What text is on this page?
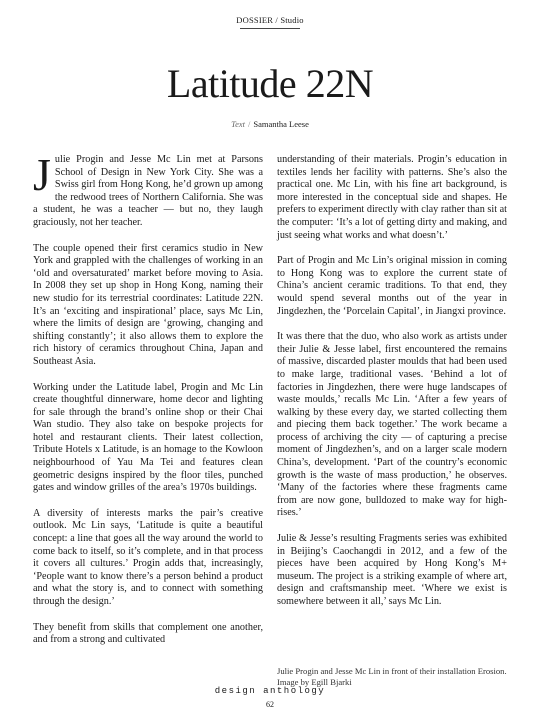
DOSSIER / Studio
Latitude 22N
Text / Samantha Leese

Julie Progin and Jesse Mc Lin met at Parsons School of Design in New York City. She was a Swiss girl from Hong Kong, he’d grown up among the redwood trees of Northern California. She was a student, he was a teacher — but no, they laugh graciously, not her teacher.

The couple opened their first ceramics studio in New York and grappled with the challenges of working in an ‘old and oversaturated’ market before moving to Asia. In 2008 they set up shop in Hong Kong, naming their new studio for its terrestrial coordinates: Latitude 22N. It’s an ‘exciting and inspirational’ place, says Mc Lin, where the limits of design are ‘growing, changing and shifting constantly’; it also allows them to explore the rich history of ceramics throughout China, Japan and Southeast Asia.

Working under the Latitude label, Progin and Mc Lin create thoughtful dinnerware, home decor and lighting for sale through the brand’s online shop or their Chai Wan studio. They also take on bespoke projects for hotel and restaurant clients. Their latest collection, Tribute Hotels x Latitude, is an homage to the Kowloon neighbourhood of Yau Ma Tei and features clean geometric designs inspired by the floor tiles, punched gates and window grilles of the area’s 1970s buildings.

A diversity of interests marks the pair’s creative outlook. Mc Lin says, ‘Latitude is quite a beautiful concept: a line that goes all the way around the world to come back to itself, so it’s complete, and in that process it covers all cultures.’ Progin adds that, increasingly, ‘People want to know there’s a person behind a product and what the story is, and to connect with something through the design.’

They benefit from skills that complement one another, and from a strong and cultivated

understanding of their materials. Progin’s education in textiles lends her facility with patterns. She’s also the practical one. Mc Lin, with his fine art background, is more interested in the conceptual side and shapes. He prefers to experiment directly with clay rather than sit at the computer: ‘It’s a lot of getting dirty and making, and just seeing what works and what doesn’t.’

Part of Progin and Mc Lin’s original mission in coming to Hong Kong was to explore the current state of China’s ancient ceramic traditions. To that end, they would spend several months out of the year in Jingdezhen, the ‘Porcelain Capital’, in Jiangxi province.

It was there that the duo, who also work as artists under their Julie & Jesse label, first encountered the remains of massive, discarded plaster moulds that had been used to make large, traditional vases. ‘Behind a lot of factories in Jingdezhen, there were huge landscapes of waste moulds,’ recalls Mc Lin. ‘After a few years of walking by these every day, we started collecting them and piecing them back together.’ The work became a process of archiving the city — of capturing a precise moment of Jingdezhen’s, and on a larger scale modern China’s, development. ‘Part of the country’s economic growth is the waste of mass production,’ he observes. ‘Many of the factories where these fragments came from are now gone, bulldozed to make way for high-rises.’

Julie & Jesse’s resulting Fragments series was exhibited in Beijing’s Caochangdi in 2012, and a few of the pieces have been acquired by Hong Kong’s M+ museum. The project is a striking example of where art, design and craftsmanship meet. ‘Where we exist is somewhere between it all,’ says Mc Lin.

Julie Progin and Jesse Mc Lin in front of their installation Erosion. Image by Egill Bjarki
design anthology
62
